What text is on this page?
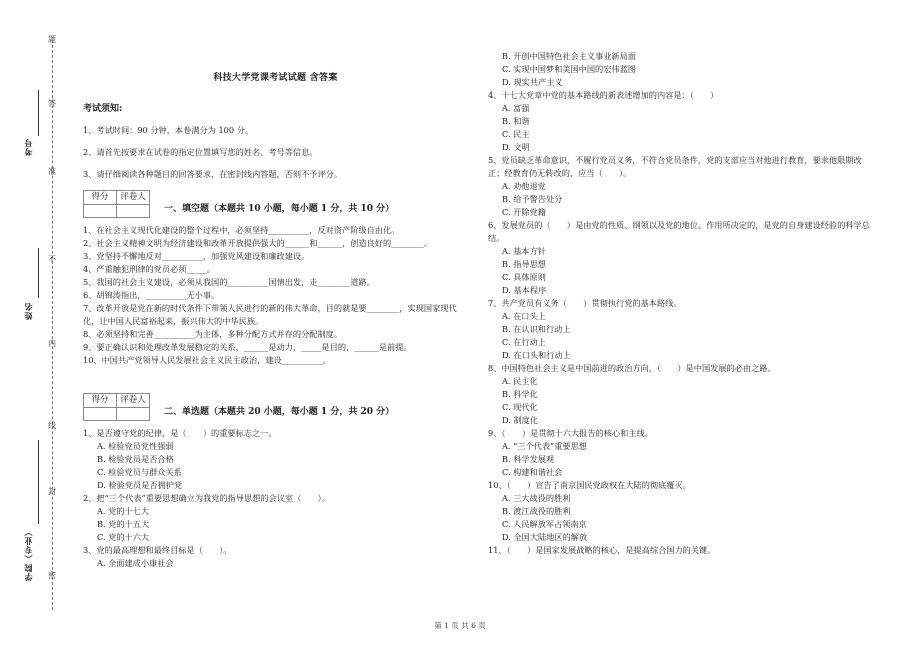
题
答
准
不
内
线
封
密
考号
姓名
学院（专业）
科技大学党课考试试题 含答案
考试须知:
1、考试时间：90 分钟，本卷满分为 100 分。
2、请首先按要求在试卷的指定位置填写您的姓名、考号等信息。
3、请仔细阅读各种题目的回答要求，在密封线内答题，否则不予评分。
得分	评卷人

一、填空题（本题共 10 小题，每小题 1 分，共 10 分）
1、在社会主义现代化建设的整个过程中，必须坚持__________，反对资产阶级自由化。
2、社会主义精神文明为经济建设和改革开放提供强大的______和______，创造良好的________。
3、党坚持不懈地反对__________，加强党风建设和廉政建设。
4、严重触犯刑律的党员必须_____。
5、我国的社会主义建设，必须从我国的__________国情出发，走________道路。
6、胡锦涛指出，__________无小事。
7、改革开放是党在新的时代条件下带领人民进行的新的伟大革命，目的就是要________，实现国家现代化，让中国人民富裕起来，振兴伟大的中华民族。
8、必须坚持和完善__________为主体，多种分配方式并存的分配制度。
9、要正确认识和处理改革发展稳定的关系，______是动力，_____是目的，______是前提。
10、中国共产党领导人民发展社会主义民主政治，建设__________。
得分	评卷人

二、单选题（本题共 20 小题，每小题 1 分，共 20 分）
1、是否遵守党的纪律，是（　　）的重要标志之一。
A. 检验党员党性强弱
B. 检验党员是否合格
C. 检验党员与群众关系
D. 检验党员是否拥护党
2、把“三个代表”重要思想确立为我党的指导思想的会议室（　　）。
A. 党的十七大
B. 党的十五大
C. 党的十六大
3、党的最高理想和最终目标是（　　）。
A. 全面建成小康社会
B. 开创中国特色社会主义事业新局面
C. 实现中国梦和美国中国的宏伟蓝图
D. 现实共产主义
4、十七大党章中党的基本路线的新表述增加的内容是：（　　）
A. 富强
B. 和谐
C. 民主
D. 文明
5、党员缺乏革命意识，不履行党员义务，不符合党员条件，党的支部应当对他进行教育，要求他限期改正；经教育仍无转改的，应当（　　）。
A. 劝他退党
B. 给予警告处分
C. 开除党籍
6、发展党员的（　　）是由党的性质、纲领以及党的地位、作用所决定的，是党的自身建设经验的科学总结。
A. 基本方针
B. 指导思想
C. 具体原则
D. 基本程序
7、共产党员有义务（　　）贯彻执行党的基本路线。
A. 在口头上
B. 在认识和行动上
C. 在行动上
D. 在口头和行动上
8、中国特色社会主义是中国前进的政治方向，（　　）是中国发展的必由之路。
A. 民主化
B. 科学化
C. 现代化
D. 制度化
9、（　　）是贯彻十六大报告的核心和主线。
A. “三个代表”重要思想
B. 科学发展观
C. 构建和谐社会
10、（　　）宣告了南京国民党政权在大陆的彻底覆灭。
A. 三大战役的胜利
B. 渡江战役的胜利
C. 人民解放军占领南京
D. 全国大陆地区的解放
11、（　　）是国家发展战略的核心，是提高综合国力的关键。
第 1 页 共 6 页
